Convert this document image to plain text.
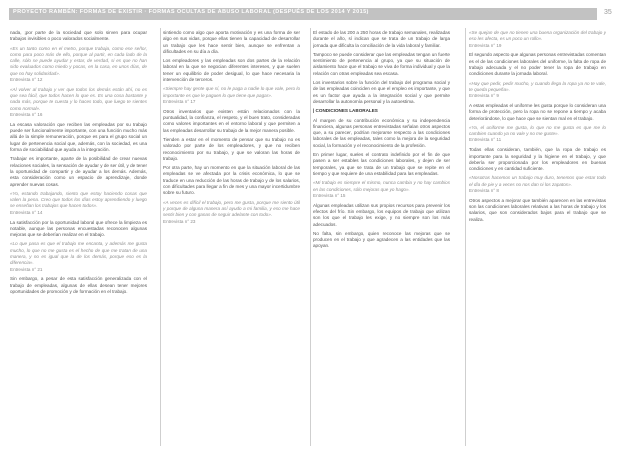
PROYECTO RAMBÉN: FORMAS DE EXISTIR · FORMAS OCULTAS DE ABUSO LABORAL (DESPUÉS DE LOS 2014 Y 2015)	35

nada, ¡por parte de la sociedad que solo sirven para ocupar trabajos invisibles o poco valorados socialmente.

«Es un tanto como en el metro, porque trabaja, como ese señor, como para poco más de ello, porque al partir, en cada lado de la calle, sólo se puede ayudar y estar, de verdad, si es que no han sido evaluados como miedo y pocas, en la casa, en unos días, de que no hay solidaridad».

Entrevista n° 12

«Al volver al trabajo y ver que todos los demás están ahí, no es que sea fácil, que todos hacen lo que es. Es una cosa bastante y nada más, porque te cuesta y lo haces todo, que luego te sientes como normal».

Entrevista n° 16

La escasa valoración que reciben las empleadas por su trabajo puede ser funcionalmente importante, con una función mucho más allá de la simple remuneración, porque es para el grupo social un lugar de pertenencia social que, además, con la sociedad, es una forma de sociabilidad que ayuda a la integración.

Trabajar es importante, aparte de la posibilidad de crear nuevas relaciones sociales, la sensación de ayudar y de ser útil, y de tener la oportunidad de compartir y de ayudar a los demás. Además, esta consideración como un espacio de aprendizaje, donde aprender nuevas cosas.

«Yo, estando trabajando, siento que estoy haciendo cosas que valen la pena. Creo que todos los días estoy aprendiendo y luego se enseñan los trabajos que hacen todos».

Entrevista n° 14

La satisfacción por la oportunidad laboral que ofrece la limpieza es notable, aunque las personas encuestadas reconocen algunas mejoras que se deberían realizar en el trabajo.

«Lo que pasa es que el trabajo me encanta, y además me gusta mucho, lo que no me gusta es el hecho de que me tratan de una manera, y no es igual que la de los demás, porque eso es la diferencia».

Entrevista n° 21

Sin embargo, a pesar de esta satisfacción generalizada con el trabajo de empleadas, algunas de ellas desean tener mejores oportunidades de promoción y de formación en el trabajo.

sintiendo como algo que aporta motivación y es una forma de ser algo en sus vidas, porque ellas tienen la capacidad de desarrollar un trabajo que les hace sentir bien, aunque se enfrentan a dificultades en su día a día.

Los empleadores y las empleadas son dos partes de la relación laboral en la que se negocian diferentes intereses, y que suelen tener un equilibrio de poder desigual, lo que hace necesaria la intervención de terceros.

«Siempre hay gente que sí, no le paga a nadie lo que vale, pero lo importante es que le paguen lo que tiene que pagar».

Entrevista n° 17

Otros inventarios que existen están relacionados con la puntualidad, la confianza, el respeto, y el buen trato, consideradas como valores importantes en el entorno laboral y que permiten a las empleadas desarrollar su trabajo de la mejor manera posible.

Tienden a estar en el momento de pensar que su trabajo no es valorado por parte de los empleadores, y que no reciben reconocimiento por su trabajo, y que se valoran las horas de trabajo.

Por otra parte, hay un momento en que la situación laboral de las empleadas se ve afectada por la crisis económica, lo que se traduce en una reducción de las horas de trabajo y de los salarios, con dificultades para llegar a fin de mes y una mayor incertidumbre sobre su futuro.

«A veces es difícil el trabajo, pero me gusta, porque me siento útil y porque de alguna manera así ayudo a mi familia, y eso me hace sentir bien y con ganas de seguir adelante con todo».

Entrevista n° 23

El estado de las 200 a 250 horas de trabajo semanales, realizadas durante el año, sí indican que se trata de un trabajo de larga jornada que dificulta la conciliación de la vida laboral y familiar.

Tampoco se puede considerar que las empleadas tengan un fuerte sentimiento de pertenencia al grupo, ya que su situación de aislamiento hace que el trabajo se viva de forma individual y que la relación con otras empleadas sea escasa.

Los inventarios sobre la función del trabajo del programa social y de las empleadas coinciden en que el empleo es importante, y que es un factor que ayuda a la integración social y que permite desarrollar la autonomía personal y la autoestima.

| CONDICIONES LABORALES

Al margen de su contribución económica y su independencia financiera, algunas personas entrevistadas señalan otros aspectos que, a su parecer, podrían mejorarse respecto a las condiciones laborales de las empleadas, tales como la mejora de la seguridad social, la formación y el reconocimiento de la profesión.

En primer lugar, sueles el contrato indefinido por el fin de que pasen a ser estables las condiciones laborales, y dejen de ser temporales, ya que se trata de un trabajo que se repite en el tiempo y que requiere de una estabilidad para las empleadas.

«Mi trabajo es siempre el mismo, nunca cambia y no hay cambios en las condiciones, sólo mejoras que yo hago».

Entrevista n° 15

Algunas empleadas utilizan sus propios recursos para prevenir los efectos del frío. Sin embargo, los equipos de trabajo que utilizan son los que el trabajo les exige, y no siempre son los más adecuados.

No falta, sin embargo, quien reconoce las mejoras que se producen en el trabajo y que agradecen a las entidades que las apoyan.

«Se quejan de que no tienen una buena organización del trabajo y eso les afecta, es un poco un rollo».

Entrevista n° 19

El segundo aspecto que algunas personas entrevistadas comentan es el de las condiciones laborales del uniforme, la falta de ropa de trabajo adecuada y el no poder tener la ropa de trabajo en condiciones durante la jornada laboral.

«Hay que pedir, pedir mucho, y cuando llega la ropa ya no te vale, te queda pequeña».

Entrevista n° 9

A estas empleadas el uniforme les gusta porque lo consideran una forma de protección, pero la ropa no se repone a tiempo y acaba deteriorándose, lo que hace que se sientan mal en el trabajo.

«Ya, el uniforme me gusta, lo que no me gusta es que me lo cambien cuando ya no vale y no me guste».

Entrevista n° 11

Todas ellas consideran, también, que la ropa de trabajo es importante para la seguridad y la higiene en el trabajo, y que debería ser proporcionada por los empleadores en buenas condiciones y en cantidad suficiente.

«Nosotras hacemos un trabajo muy duro, tenemos que estar todo el día de pie y a veces no nos dan ni los zapatos».

Entrevista n° 8

Otros aspectos a mejorar que también aparecen en las entrevistas son las condiciones laborales relativas a las horas de trabajo y los salarios, que son considerados bajos para el trabajo que se realiza.
